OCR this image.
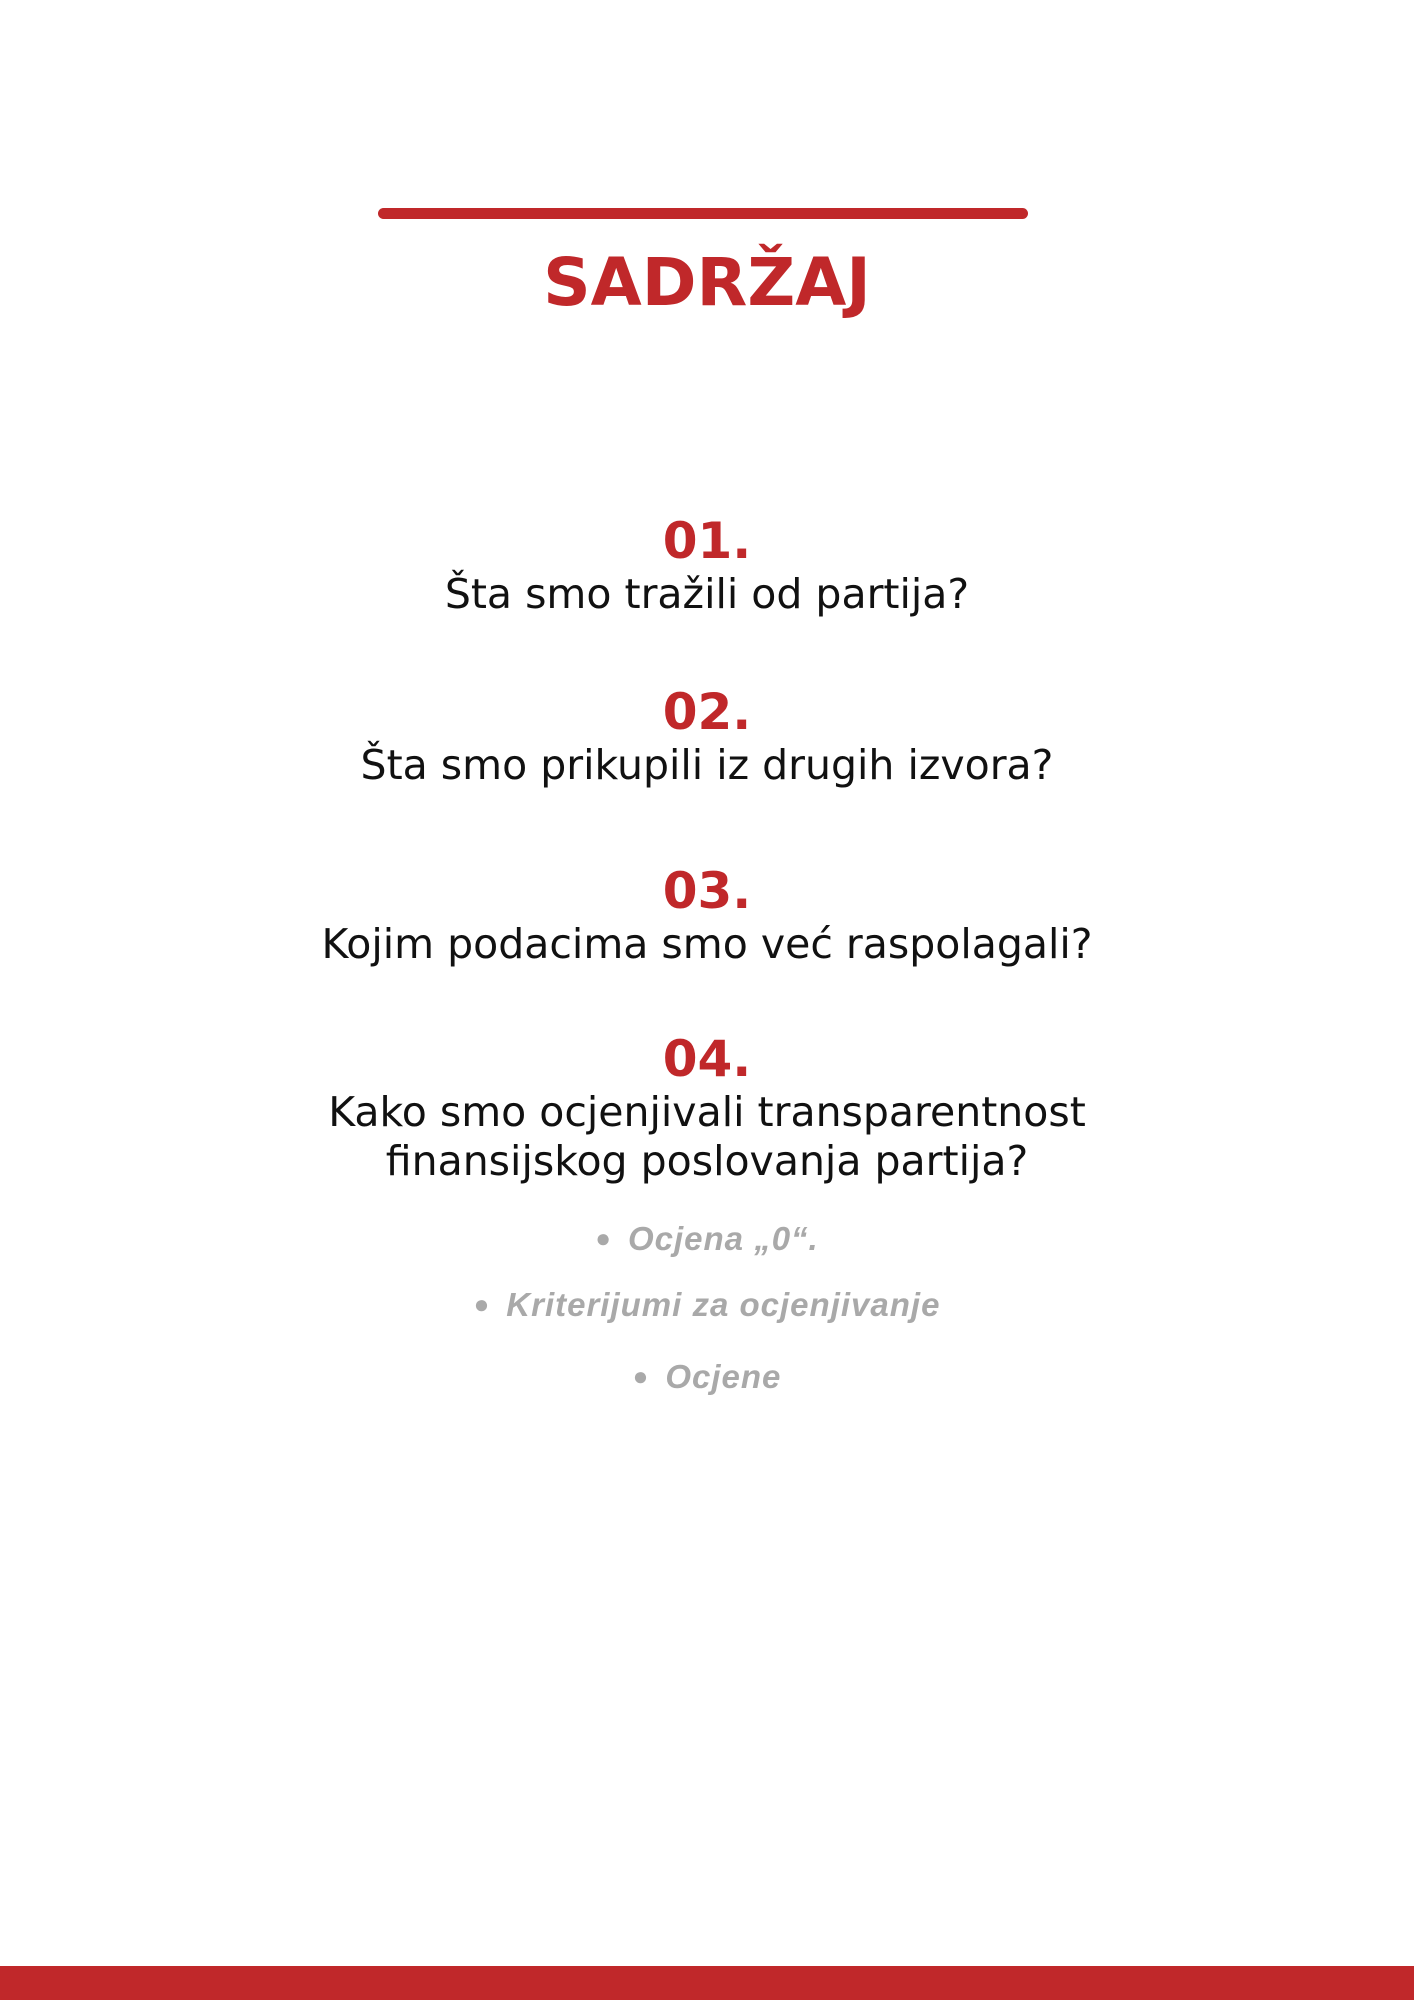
SADRŽAJ
01.
Šta smo tražili od partija?
02.
Šta smo prikupili iz drugih izvora?
03.
Kojim podacima smo već raspolagali?
04.
Kako smo ocjenjivali transparentnost
finansijskog poslovanja partija?
● Ocjena „0“.
● Kriterijumi za ocjenjivanje
● Ocjene
